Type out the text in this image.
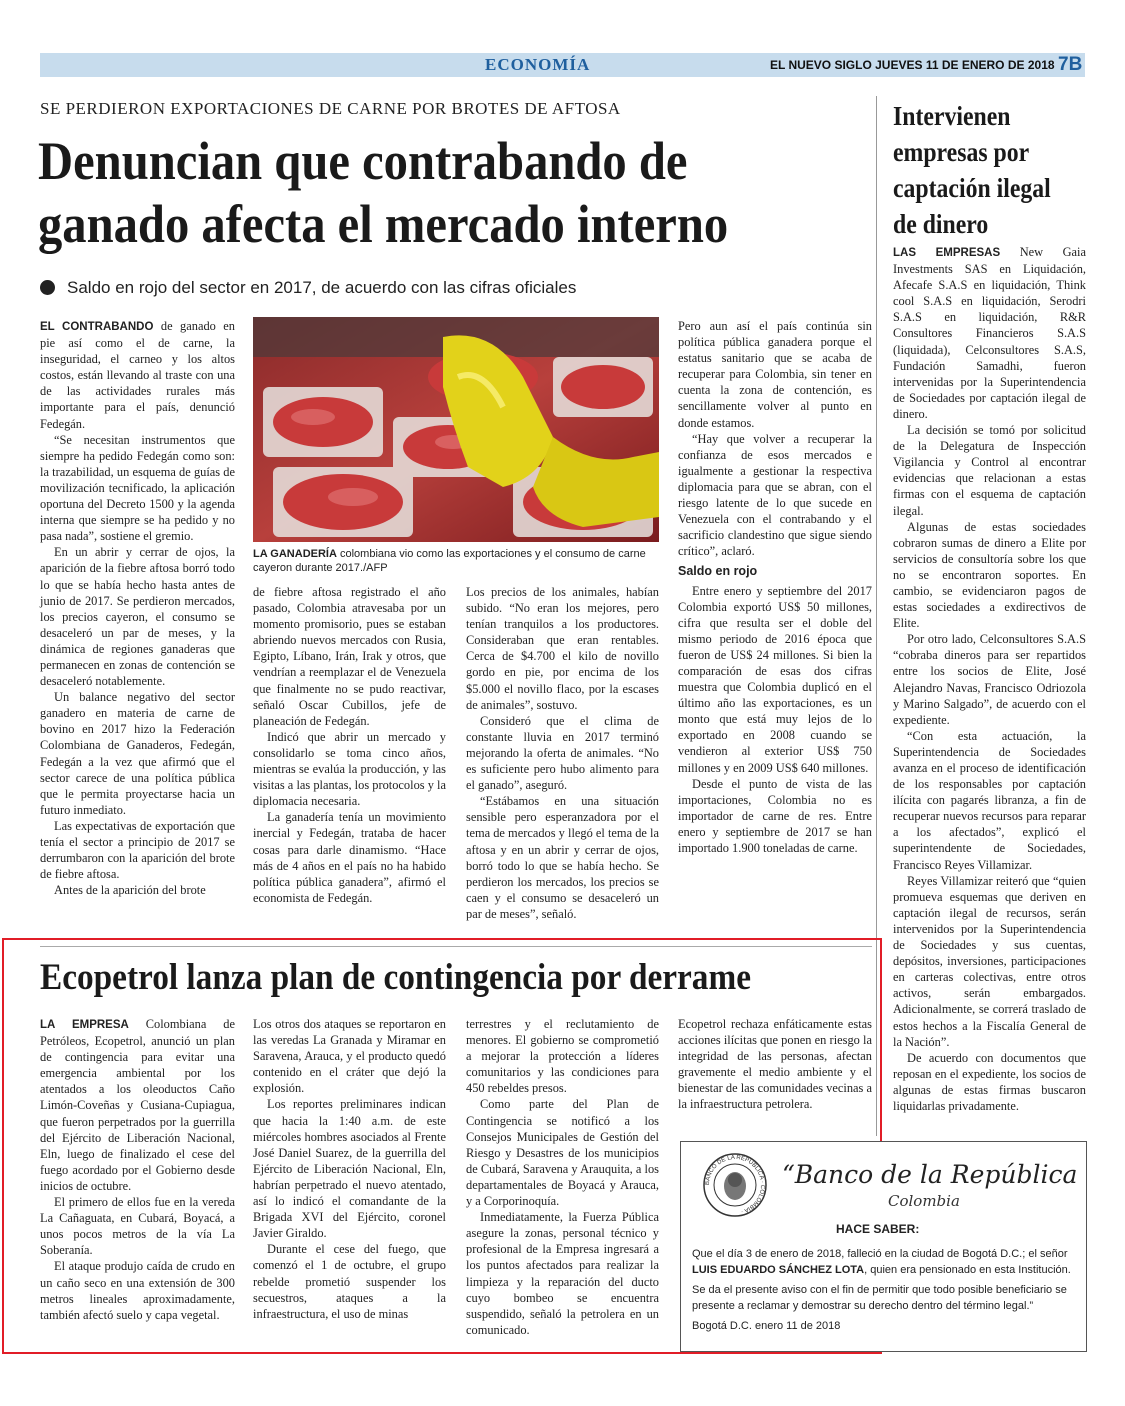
ECONOMÍA	EL NUEVO SIGLO JUEVES 11 DE ENERO DE 2018 7B
SE PERDIERON EXPORTACIONES DE CARNE POR BROTES DE AFTOSA
Denuncian que contrabando de ganado afecta el mercado interno
Saldo en rojo del sector en 2017, de acuerdo con las cifras oficiales

EL CONTRABANDO de ganado en pie así como el de carne, la inseguridad, el carneo y los altos costos, están llevando al traste con una de las actividades rurales más importante para el país, denunció Fedegán.

“Se necesitan instrumentos que siempre ha pedido Fedegán como son: la trazabilidad, un esquema de guías de movilización tecnificado, la aplicación oportuna del Decreto 1500 y la agenda interna que siempre se ha pedido y no pasa nada”, sostiene el gremio.

En un abrir y cerrar de ojos, la aparición de la fiebre aftosa borró todo lo que se había hecho hasta antes de junio de 2017. Se perdieron mercados, los precios cayeron, el consumo se desaceleró un par de meses, y la dinámica de regiones ganaderas que permanecen en zonas de contención se desaceleró notablemente.

Un balance negativo del sector ganadero en materia de carne de bovino en 2017 hizo la Federación Colombiana de Ganaderos, Fedegán, Fedegán a la vez que afirmó que el sector carece de una política pública que le permita proyectarse hacia un futuro inmediato.

Las expectativas de exportación que tenía el sector a principio de 2017 se derrumbaron con la aparición del brote de fiebre aftosa.

Antes de la aparición del brote

LA GANADERÍA colombiana vio como las exportaciones y el consumo de carne cayeron durante 2017./AFP

de fiebre aftosa registrado el año pasado, Colombia atravesaba por un momento promisorio, pues se estaban abriendo nuevos mercados con Rusia, Egipto, Líbano, Irán, Irak y otros, que vendrían a reemplazar el de Venezuela que finalmente no se pudo reactivar, señaló Oscar Cubillos, jefe de planeación de Fedegán.

Indicó que abrir un mercado y consolidarlo se toma cinco años, mientras se evalúa la producción, y las visitas a las plantas, los protocolos y la diplomacia necesaria.

La ganadería tenía un movimiento inercial y Fedegán, trataba de hacer cosas para darle dinamismo. “Hace más de 4 años en el país no ha habido política pública ganadera”, afirmó el economista de Fedegán.

Los precios de los animales, habían subido. “No eran los mejores, pero tenían tranquilos a los productores. Consideraban que eran rentables. Cerca de $4.700 el kilo de novillo gordo en pie, por encima de los $5.000 el novillo flaco, por la escases de animales”, sostuvo.

Consideró que el clima de constante lluvia en 2017 terminó mejorando la oferta de animales. “No es suficiente pero hubo alimento para el ganado”, aseguró.

“Estábamos en una situación sensible pero esperanzadora por el tema de mercados y llegó el tema de la aftosa y en un abrir y cerrar de ojos, borró todo lo que se había hecho. Se perdieron los mercados, los precios se caen y el consumo se desaceleró un par de meses”, señaló.

Pero aun así el país continúa sin política pública ganadera porque el estatus sanitario que se acaba de recuperar para Colombia, sin tener en cuenta la zona de contención, es sencillamente volver al punto en donde estamos.

“Hay que volver a recuperar la confianza de esos mercados e igualmente a gestionar la respectiva diplomacia para que se abran, con el riesgo latente de lo que sucede en Venezuela con el contrabando y el sacrificio clandestino que sigue siendo crítico”, aclaró.

Saldo en rojo

Entre enero y septiembre del 2017 Colombia exportó US$ 50 millones, cifra que resulta ser el doble del mismo periodo de 2016 época que fueron de US$ 24 millones. Si bien la comparación de esas dos cifras muestra que Colombia duplicó en el último año las exportaciones, es un monto que está muy lejos de lo exportado en 2008 cuando se vendieron al exterior US$ 750 millones y en 2009 US$ 640 millones.

Desde el punto de vista de las importaciones, Colombia no es importador de carne de res. Entre enero y septiembre de 2017 se han importado 1.900 toneladas de carne.

Intervienen empresas por captación ilegal de dinero

LAS EMPRESAS New Gaia Investments SAS en Liquidación, Afecafe S.A.S en liquidación, Think cool S.A.S en liquidación, Serodri S.A.S en liquidación, R&R Consultores Financieros S.A.S (liquidada), Celconsultores S.A.S, Fundación Samadhi, fueron intervenidas por la Superintendencia de Sociedades por captación ilegal de dinero.

La decisión se tomó por solicitud de la Delegatura de Inspección Vigilancia y Control al encontrar evidencias que relacionan a estas firmas con el esquema de captación ilegal.

Algunas de estas sociedades cobraron sumas de dinero a Elite por servicios de consultoría sobre los que no se encontraron soportes. En cambio, se evidenciaron pagos de estas sociedades a exdirectivos de Elite.

Por otro lado, Celconsultores S.A.S “cobraba dineros para ser repartidos entre los socios de Elite, José Alejandro Navas, Francisco Odriozola y Marino Salgado”, de acuerdo con el expediente.

“Con esta actuación, la Superintendencia de Sociedades avanza en el proceso de identificación de los responsables por captación ilícita con pagarés libranza, a fin de recuperar nuevos recursos para reparar a los afectados”, explicó el superintendente de Sociedades, Francisco Reyes Villamizar.

Reyes Villamizar reiteró que “quien promueva esquemas que deriven en captación ilegal de recursos, serán intervenidos por la Superintendencia de Sociedades y sus cuentas, depósitos, inversiones, participaciones en carteras colectivas, entre otros activos, serán embargados. Adicionalmente, se correrá traslado de estos hechos a la Fiscalía General de la Nación”.

De acuerdo con documentos que reposan en el expediente, los socios de algunas de estas firmas buscaron liquidarlas privadamente.

Ecopetrol lanza plan de contingencia por derrame

LA EMPRESA Colombiana de Petróleos, Ecopetrol, anunció un plan de contingencia para evitar una emergencia ambiental por los atentados a los oleoductos Caño Limón-Coveñas y Cusiana-Cupiagua, que fueron perpetrados por la guerrilla del Ejército de Liberación Nacional, Eln, luego de finalizado el cese del fuego acordado por el Gobierno desde inicios de octubre.

El primero de ellos fue en la vereda La Cañaguata, en Cubará, Boyacá, a unos pocos metros de la vía La Soberanía.

El ataque produjo caída de crudo en un caño seco en una extensión de 300 metros lineales aproximadamente, también afectó suelo y capa vegetal.

Los otros dos ataques se reportaron en las veredas La Granada y Miramar en Saravena, Arauca, y el producto quedó contenido en el cráter que dejó la explosión.

Los reportes preliminares indican que hacia la 1:40 a.m. de este miércoles hombres asociados al Frente José Daniel Suarez, de la guerrilla del Ejército de Liberación Nacional, Eln, habrían perpetrado el nuevo atentado, así lo indicó el comandante de la Brigada XVI del Ejército, coronel Javier Giraldo.

Durante el cese del fuego, que comenzó el 1 de octubre, el grupo rebelde prometió suspender los secuestros, ataques a la infraestructura, el uso de minas

terrestres y el reclutamiento de menores. El gobierno se comprometió a mejorar la protección a líderes comunitarios y las condiciones para 450 rebeldes presos.

Como parte del Plan de Contingencia se notificó a los Consejos Municipales de Gestión del Riesgo y Desastres de los municipios de Cubará, Saravena y Arauquita, a los departamentales de Boyacá y Arauca, y a Corporinoquía.

Inmediatamente, la Fuerza Pública asegure la zonas, personal técnico y profesional de la Empresa ingresará a los puntos afectados para realizar la limpieza y la reparación del ducto cuyo bombeo se encuentra suspendido, señaló la petrolera en un comunicado.

Ecopetrol rechaza enfáticamente estas acciones ilícitas que ponen en riesgo la integridad de las personas, afectan gravemente el medio ambiente y el bienestar de las comunidades vecinas a la infraestructura petrolera.

BANCO DE LA REPÚBLICA · COLOMBIA ·
“Banco de la República
Colombia
HACE SABER:

Que el día 3 de enero de 2018, falleció en la ciudad de Bogotá D.C.; el señor LUIS EDUARDO SÁNCHEZ LOTA, quien era pensionado en esta Institución.

Se da el presente aviso con el fin de permitir que todo posible beneficiario se presente a reclamar y demostrar su derecho dentro del término legal.”

Bogotá D.C. enero 11 de 2018
